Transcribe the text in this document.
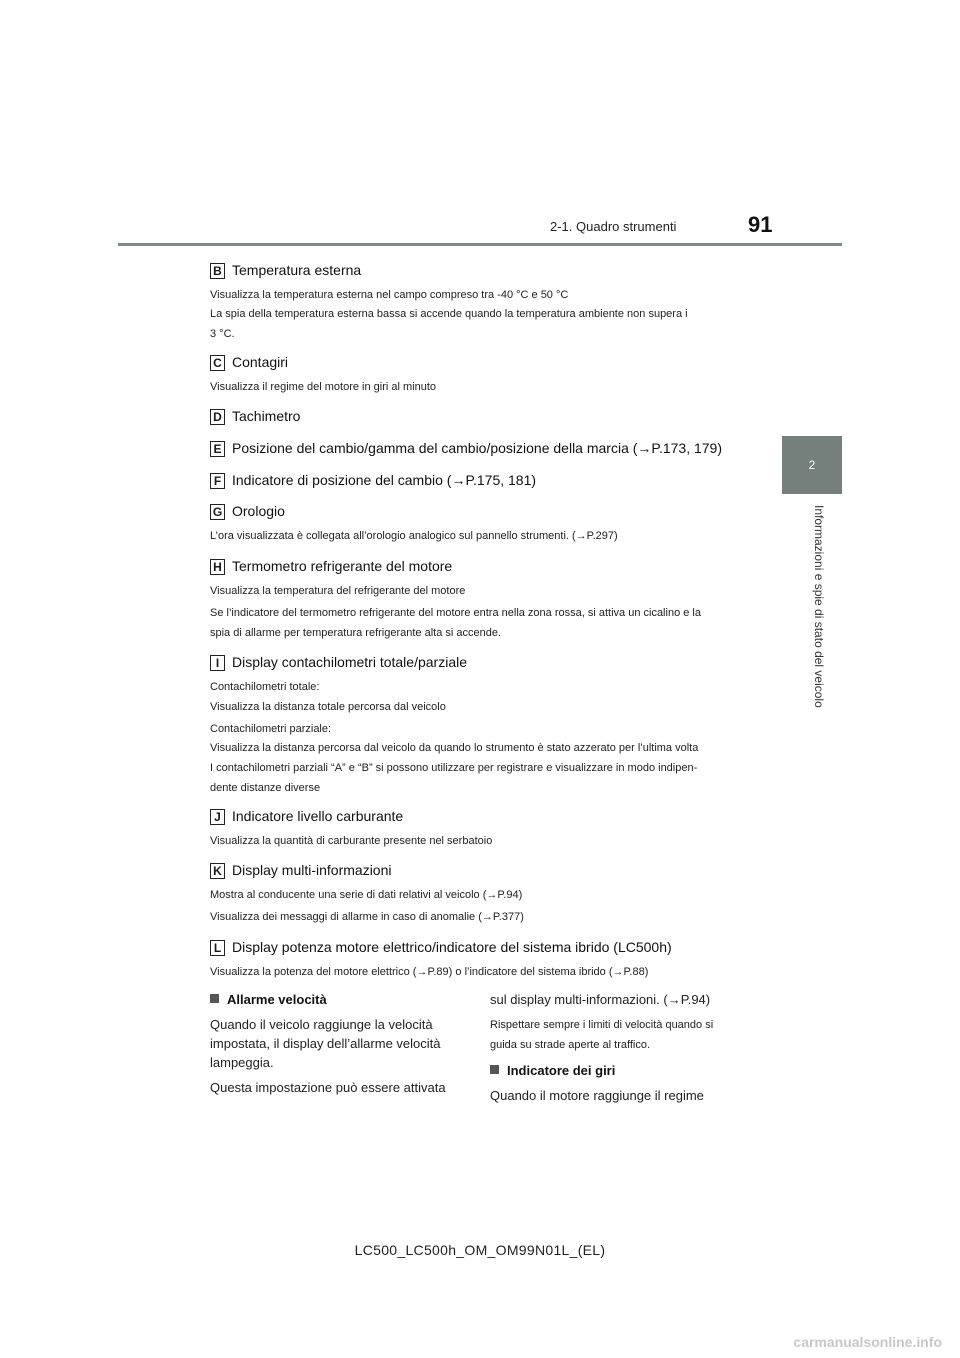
2-1. Quadro strumenti	91
2
Informazioni e spie di stato del veicolo
B Temperatura esterna
Visualizza la temperatura esterna nel campo compreso tra -40 °C e 50 °C
La spia della temperatura esterna bassa si accende quando la temperatura ambiente non supera i
3 °C.
C Contagiri
Visualizza il regime del motore in giri al minuto
D Tachimetro
E Posizione del cambio/gamma del cambio/posizione della marcia (→P.173, 179)
F Indicatore di posizione del cambio (→P.175, 181)
G Orologio
L’ora visualizzata è collegata all’orologio analogico sul pannello strumenti. (→P.297)
H Termometro refrigerante del motore
Visualizza la temperatura del refrigerante del motore
Se l’indicatore del termometro refrigerante del motore entra nella zona rossa, si attiva un cicalino e la
spia di allarme per temperatura refrigerante alta si accende.
I Display contachilometri totale/parziale
Contachilometri totale:
Visualizza la distanza totale percorsa dal veicolo
Contachilometri parziale:
Visualizza la distanza percorsa dal veicolo da quando lo strumento è stato azzerato per l’ultima volta
I contachilometri parziali “A” e “B” si possono utilizzare per registrare e visualizzare in modo indipen-
dente distanze diverse
J Indicatore livello carburante
Visualizza la quantità di carburante presente nel serbatoio
K Display multi-informazioni
Mostra al conducente una serie di dati relativi al veicolo (→P.94)
Visualizza dei messaggi di allarme in caso di anomalie (→P.377)
L Display potenza motore elettrico/indicatore del sistema ibrido (LC500h)
Visualizza la potenza del motore elettrico (→P.89) o l’indicatore del sistema ibrido (→P.88)
Allarme velocità
Quando il veicolo raggiunge la velocità
impostata, il display dell’allarme velocità
lampeggia.
Questa impostazione può essere attivata
sul display multi-informazioni. (→P.94)
Rispettare sempre i limiti di velocità quando si
guida su strade aperte al traffico.
Indicatore dei giri
Quando il motore raggiunge il regime
LC500_LC500h_OM_OM99N01L_(EL)
carmanualsonline.info
